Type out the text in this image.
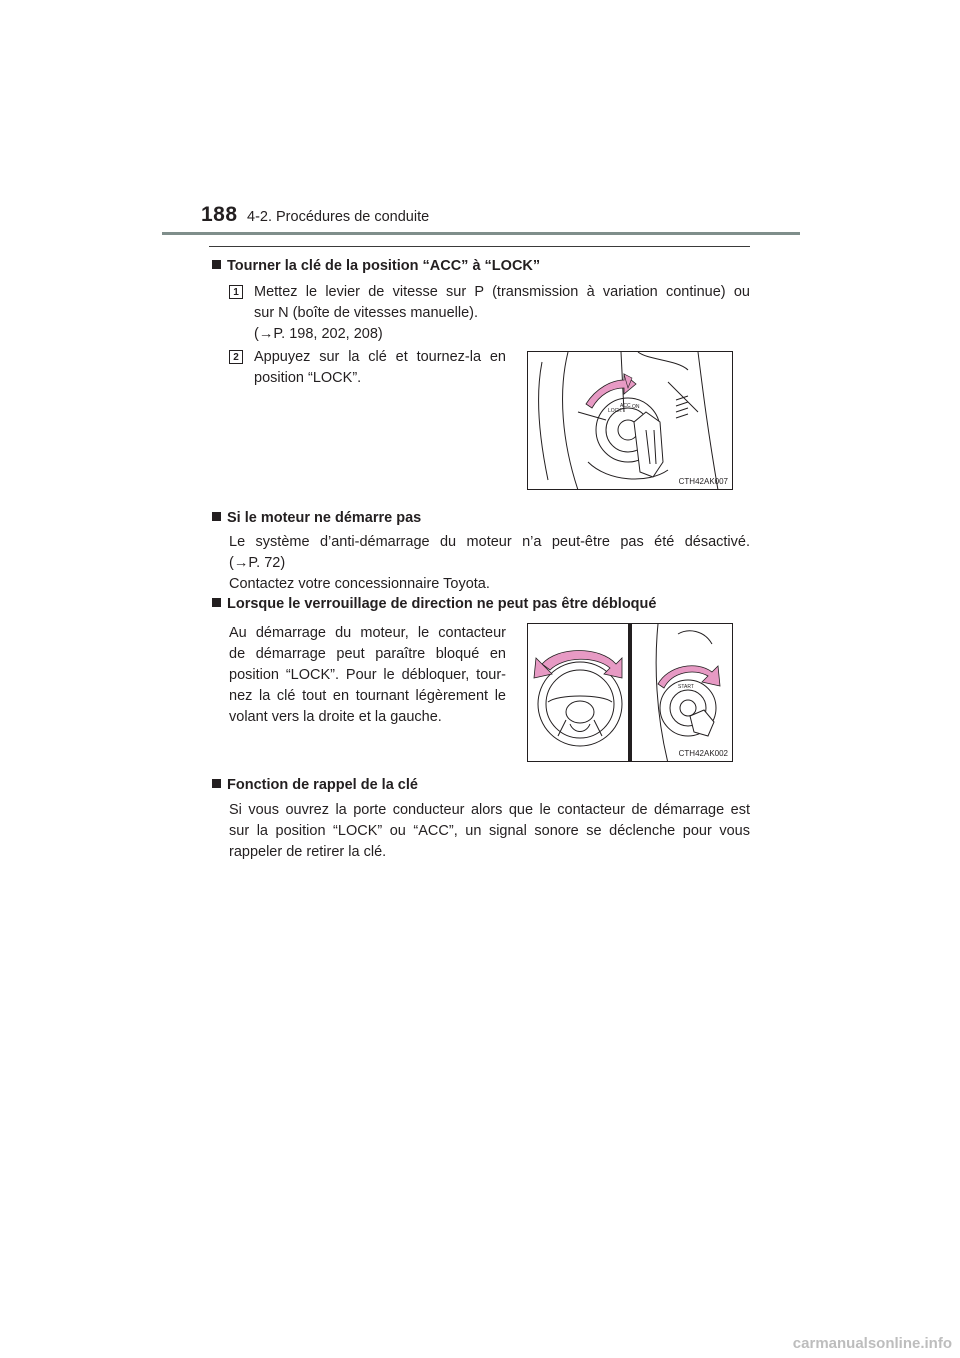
188 4-2. Procédures de conduite
Tourner la clé de la position “ACC” à “LOCK”
1 Mettez le levier de vitesse sur P (transmission à variation continue) ou
sur N (boîte de vitesses manuelle).
(→P. 198, 202, 208)
2 Appuyez sur la clé et tournez-la en
position “LOCK”.
LOCK
ACC ON
CTH42AK007
Si le moteur ne démarre pas
Le système d’anti-démarrage du moteur n’a peut-être pas été désactivé.
(→P. 72)
Contactez votre concessionnaire Toyota.
Lorsque le verrouillage de direction ne peut pas être débloqué
Au démarrage du moteur, le contacteur
de démarrage peut paraître bloqué en
position “LOCK”. Pour le débloquer, tour-
nez la clé tout en tournant légèrement le
volant vers la droite et la gauche.
START
CTH42AK002
Fonction de rappel de la clé
Si vous ouvrez la porte conducteur alors que le contacteur de démarrage est
sur la position “LOCK” ou “ACC”, un signal sonore se déclenche pour vous
rappeler de retirer la clé.
carmanualsonline.info
